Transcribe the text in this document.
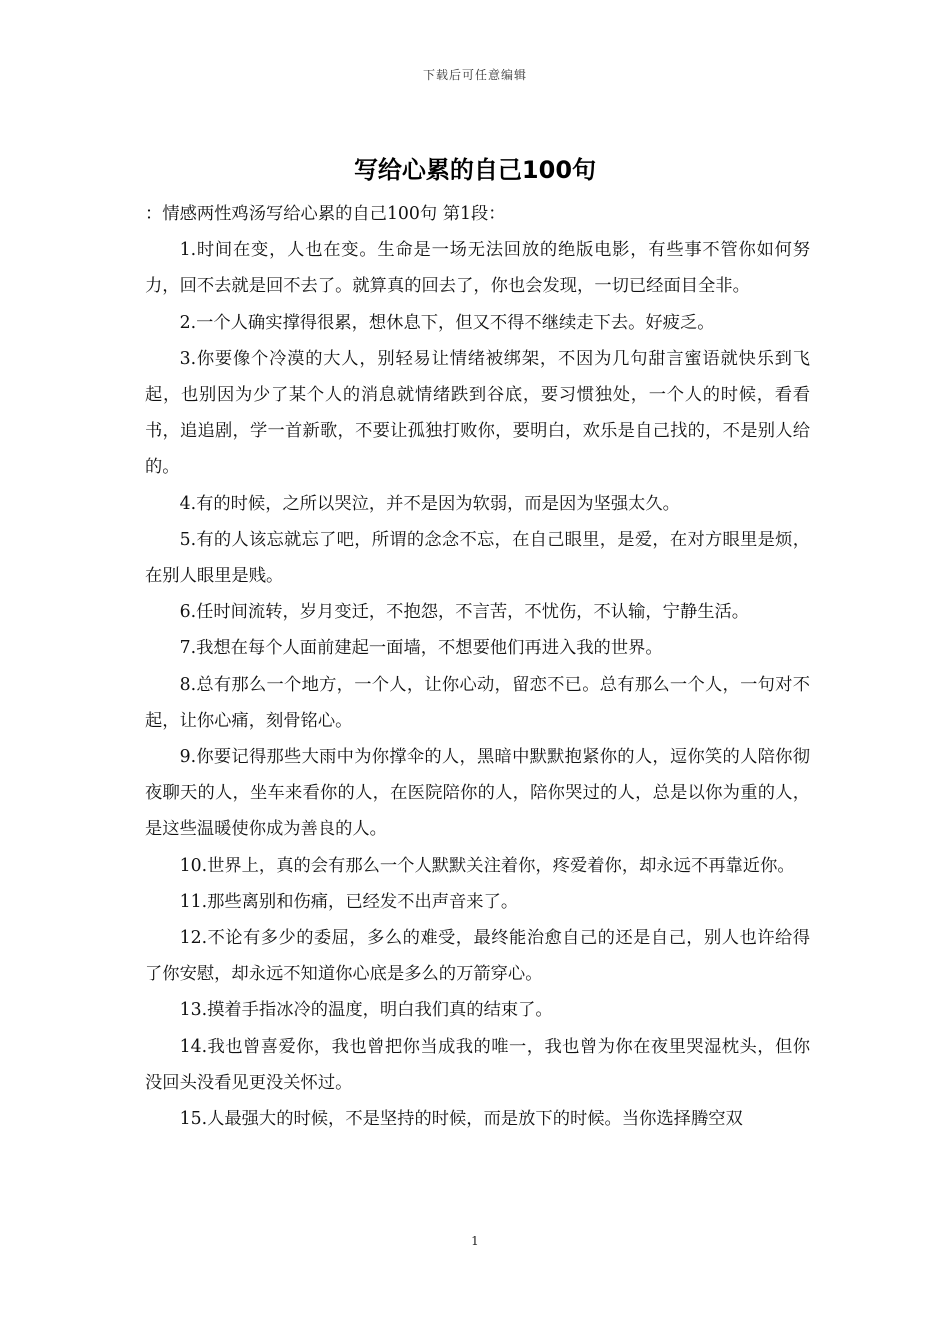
下载后可任意编辑
写给心累的自己100句

：情感两性鸡汤写给心累的自己100句 第1段：

1.时间在变，人也在变。生命是一场无法回放的绝版电影，有些事不管你如何努力，回不去就是回不去了。就算真的回去了，你也会发现，一切已经面目全非。

2.一个人确实撑得很累，想休息下，但又不得不继续走下去。好疲乏。

3.你要像个冷漠的大人，别轻易让情绪被绑架，不因为几句甜言蜜语就快乐到飞起，也别因为少了某个人的消息就情绪跌到谷底，要习惯独处，一个人的时候，看看书，追追剧，学一首新歌，不要让孤独打败你，要明白，欢乐是自己找的，不是别人给的。

4.有的时候，之所以哭泣，并不是因为软弱，而是因为坚强太久。

5.有的人该忘就忘了吧，所谓的念念不忘，在自己眼里，是爱，在对方眼里是烦，在别人眼里是贱。

6.任时间流转，岁月变迁，不抱怨，不言苦，不忧伤，不认输，宁静生活。

7.我想在每个人面前建起一面墙，不想要他们再进入我的世界。

8.总有那么一个地方，一个人，让你心动，留恋不已。总有那么一个人，一句对不起，让你心痛，刻骨铭心。

9.你要记得那些大雨中为你撑伞的人，黑暗中默默抱紧你的人，逗你笑的人陪你彻夜聊天的人，坐车来看你的人，在医院陪你的人，陪你哭过的人，总是以你为重的人，是这些温暖使你成为善良的人。

10.世界上，真的会有那么一个人默默关注着你，疼爱着你，却永远不再靠近你。

11.那些离别和伤痛，已经发不出声音来了。

12.不论有多少的委屈，多么的难受，最终能治愈自己的还是自己，别人也许给得了你安慰，却永远不知道你心底是多么的万箭穿心。

13.摸着手指冰冷的温度，明白我们真的结束了。

14.我也曾喜爱你，我也曾把你当成我的唯一，我也曾为你在夜里哭湿枕头，但你没回头没看见更没关怀过。

15.人最强大的时候，不是坚持的时候，而是放下的时候。当你选择腾空双

1
